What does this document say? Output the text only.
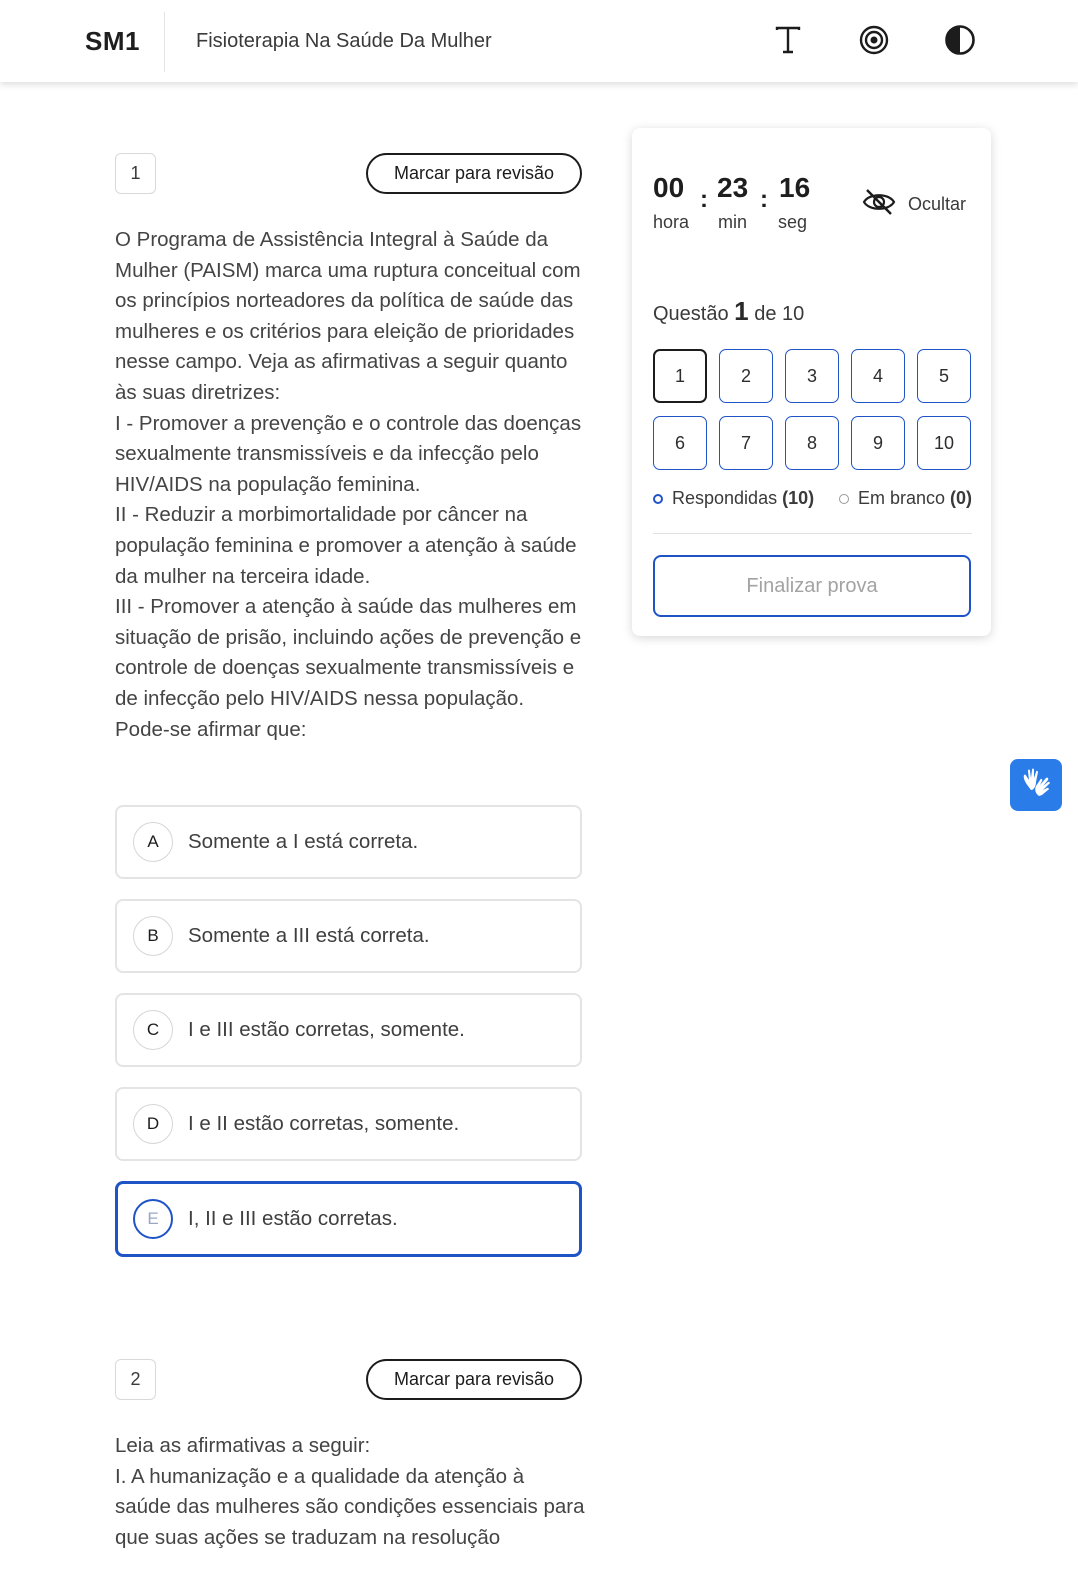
SM1	Fisioterapia Na Saúde Da Mulher
1	Marcar para revisão
O Programa de Assistência Integral à Saúde da Mulher (PAISM) marca uma ruptura conceitual com os princípios norteadores da política de saúde das mulheres e os critérios para eleição de prioridades nesse campo. Veja as afirmativas a seguir quanto às suas diretrizes:
I - Promover a prevenção e o controle das doenças sexualmente transmissíveis e da infecção pelo HIV/AIDS na população feminina.
II - Reduzir a morbimortalidade por câncer na população feminina e promover a atenção à saúde da mulher na terceira idade.
III - Promover a atenção à saúde das mulheres em situação de prisão, incluindo ações de prevenção e controle de doenças sexualmente transmissíveis e de infecção pelo HIV/AIDS nessa população.
Pode-se afirmar que:
A	Somente a I está correta.
B	Somente a III está correta.
C	I e III estão corretas, somente.
D	I e II estão corretas, somente.
E	I, II e III estão corretas.
2	Marcar para revisão
Leia as afirmativas a seguir:
I. A humanização e a qualidade da atenção à saúde das mulheres são condições essenciais para que suas ações se traduzam na resolução
00 : 23 : 16
hora min seg
Ocultar
Questão 1 de 10
1	2	3	4	5
6	7	8	9	10
Respondidas (10) Em branco (0)
Finalizar prova
